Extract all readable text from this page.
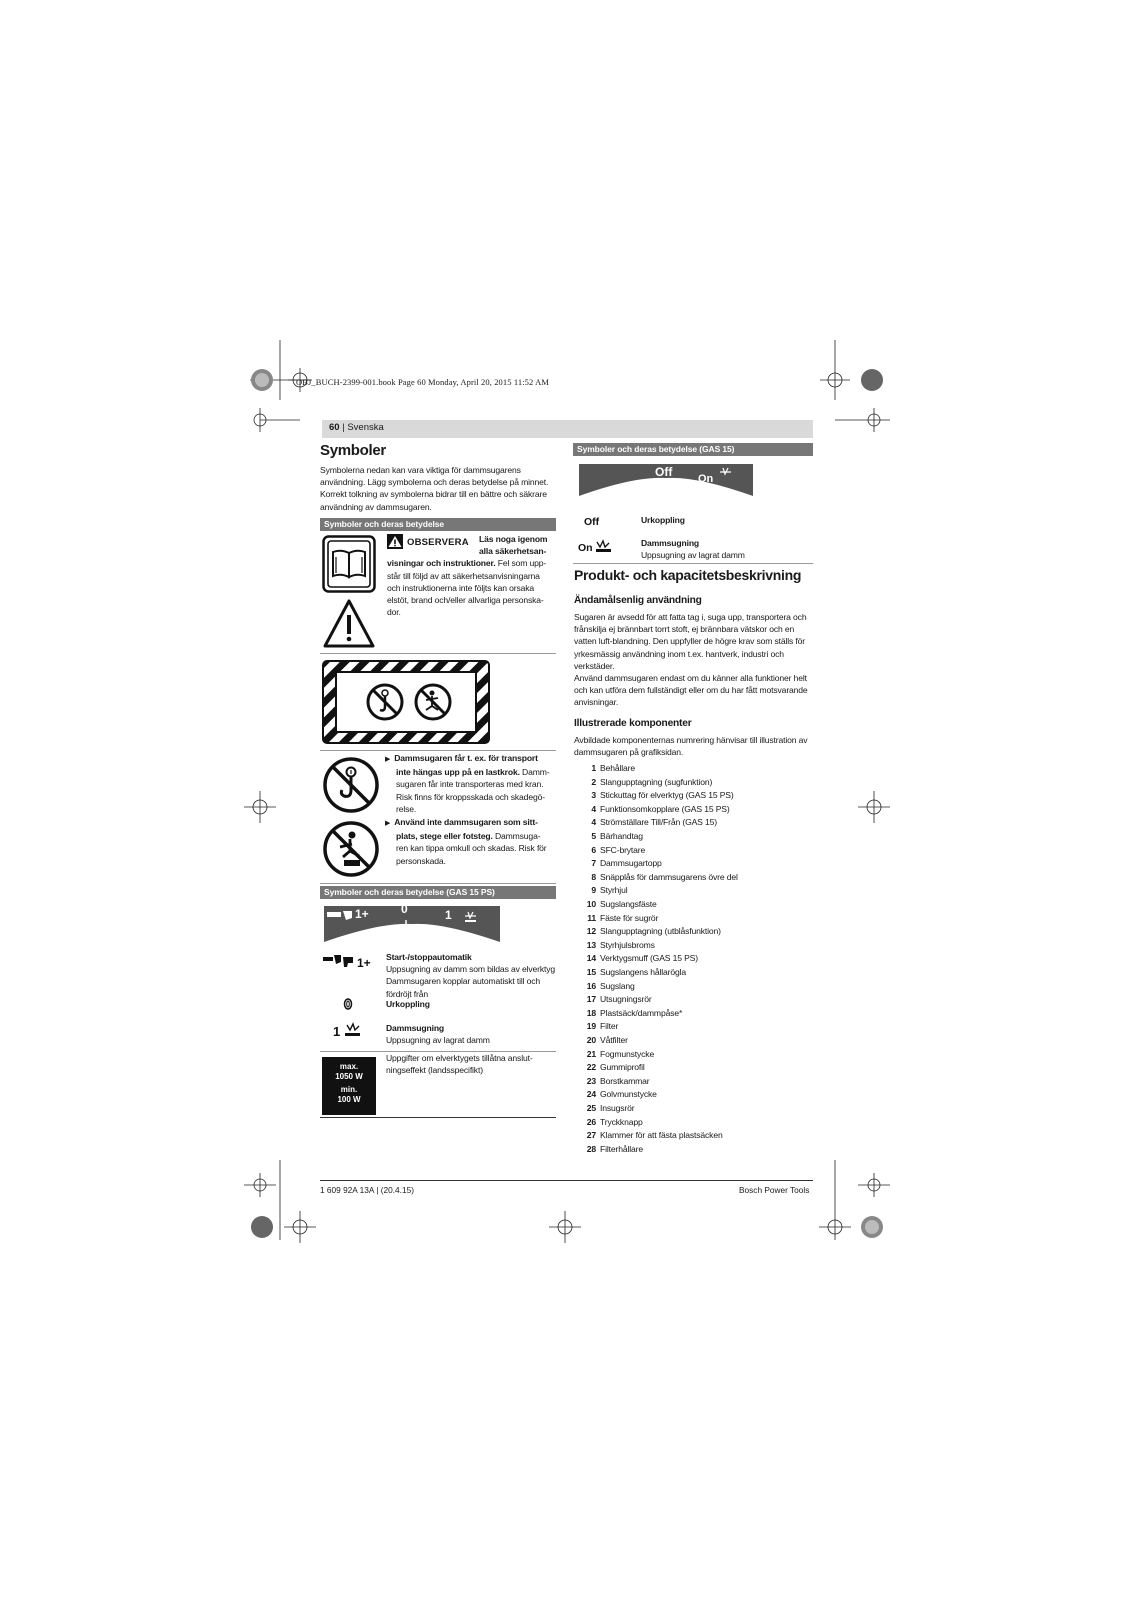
OBJ_BUCH-2399-001.book Page 60 Monday, April 20, 2015 11:52 AM
60 | Svenska
Symboler
Symbolerna nedan kan vara viktiga för dammsugarens användning. Lägg symbolerna och deras betydelse på minnet. Korrekt tolkning av symbolerna bidrar till en bättre och säkrare användning av dammsugaren.
Symboler och deras betydelse
OBSERVERA	Läs noga igenom alla säkerhetsan-
visningar och instruktioner. Fel som upp-
står till följd av att säkerhetsanvisningarna
och instruktionerna inte följts kan orsaka
elstöt, brand och/eller allvarliga personska-
dor.
▶ Dammsugaren får t. ex. för transport
inte hängas upp på en lastkrok. Damm-
sugaren får inte transporteras med kran.
Risk finns för kroppsskada och skadegö-
relse.
▶ Använd inte dammsugaren som sitt-
plats, stege eller fotsteg. Dammsuga-
ren kan tippa omkull och skadas. Risk för
personskada.
Symboler och deras betydelse (GAS 15 PS)
1+	0	1
1+ Start-/stoppautomatik
Uppsugning av damm som bildas av elverktyg Dammsugaren kopplar automatiskt till och fördröjt från
Urkoppling
1	Dammsugning
Uppsugning av lagrat damm
max.
1050 W
min.
100 W
Uppgifter om elverktygets tillåtna anslut-
ningseffekt (landsspecifikt)
Symboler och deras betydelse (GAS 15)
Off On
Off	Urkoppling
On	Dammsugning
Uppsugning av lagrat damm
Produkt- och kapacitetsbeskrivning
Ändamålsenlig användning
Sugaren är avsedd för att fatta tag i, suga upp, transportera och frånskilja ej brännbart torrt stoft, ej brännbara vätskor och en vatten luft-blandning. Den uppfyller de högre krav som ställs för yrkesmässig användning inom t.ex. hantverk, industri och verkstäder.
Använd dammsugaren endast om du känner alla funktioner helt och kan utföra dem fullständigt eller om du har fått motsvarande anvisningar.
Illustrerade komponenter
Avbildade komponenternas numrering hänvisar till illustration av dammsugaren på grafiksidan.
1 Behållare
2 Slangupptagning (sugfunktion)
3 Stickuttag för elverktyg (GAS 15 PS)
4 Funktionsomkopplare (GAS 15 PS)
4 Strömställare Till/Från (GAS 15)
5 Bärhandtag
6 SFC-brytare
7 Dammsugartopp
8 Snäpplås för dammsugarens övre del
9 Styrhjul
10 Sugslangsfäste
11 Fäste för sugrör
12 Slangupptagning (utblåsfunktion)
13 Styrhjulsbroms
14 Verktygsmuff (GAS 15 PS)
15 Sugslangens hållarögla
16 Sugslang
17 Utsugningsrör
18 Plastsäck/dammpåse*
19 Filter
20 Våtfilter
21 Fogmunstycke
22 Gummiprofil
23 Borstkammar
24 Golvmunstycke
25 Insugsrör
26 Tryckknapp
27 Klammer för att fästa plastsäcken
28 Filterhållare
1 609 92A 13A | (20.4.15)	Bosch Power Tools
